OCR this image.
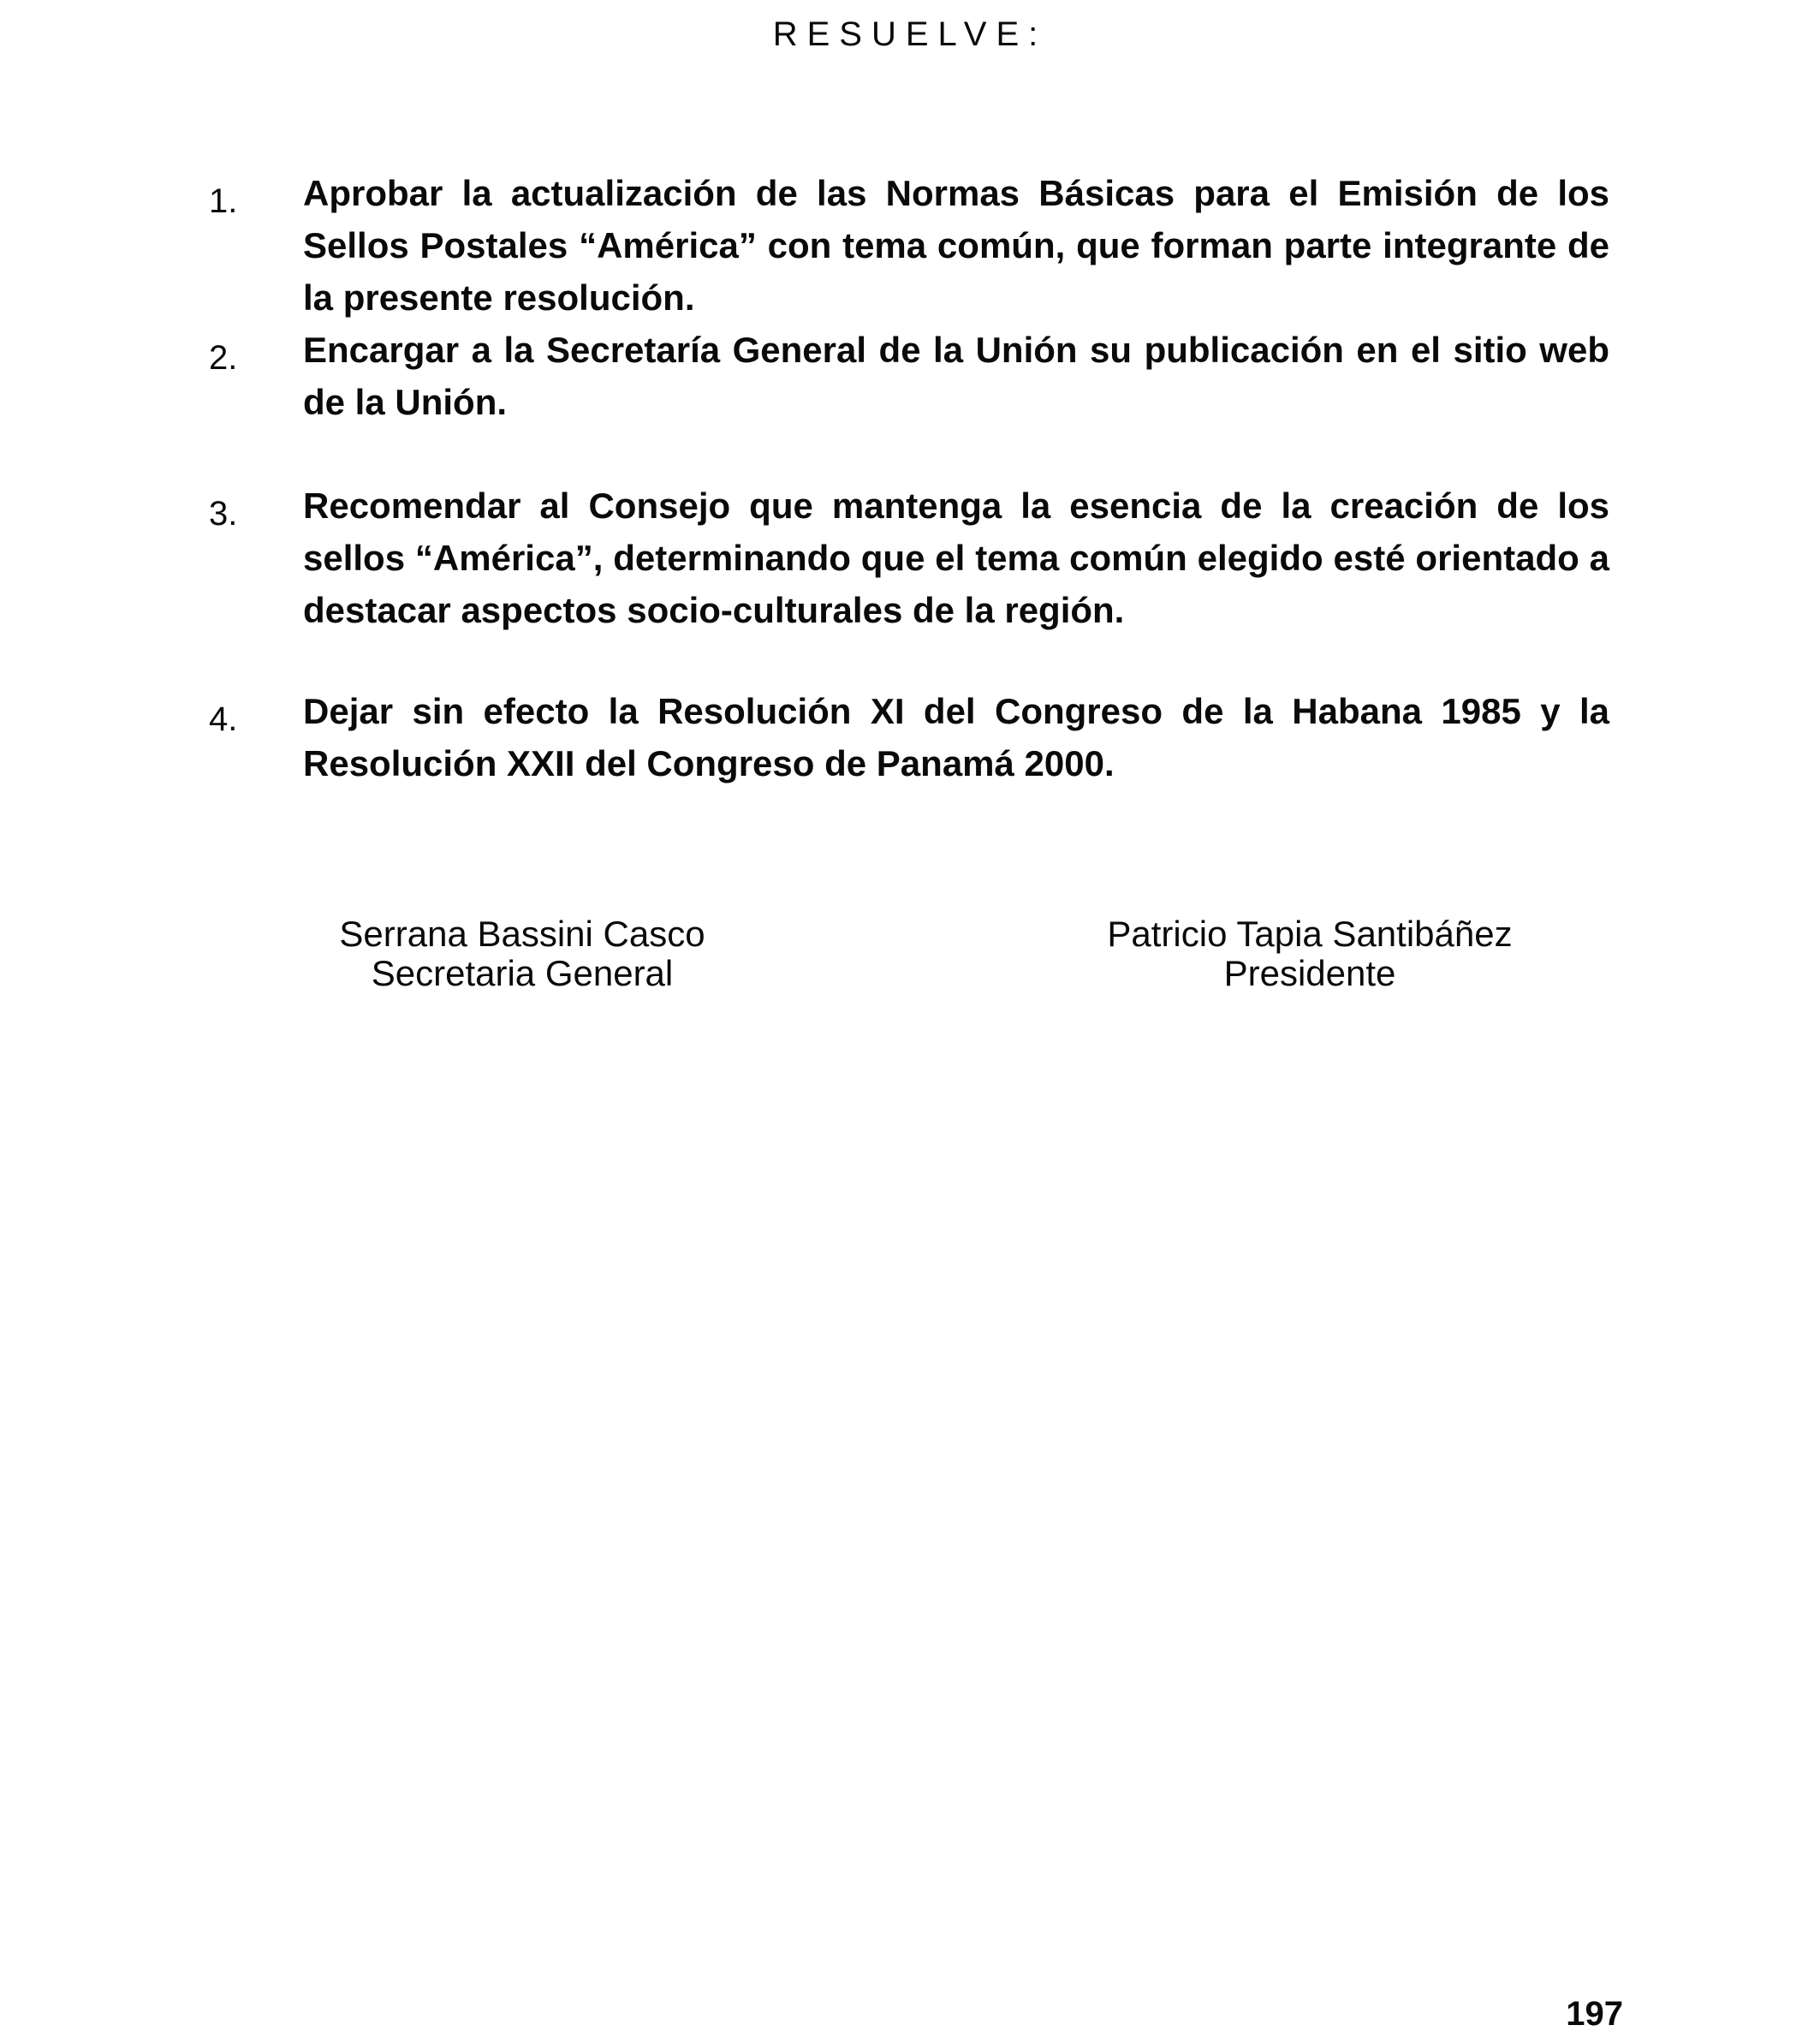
RESUELVE:
1.	Aprobar la actualización de las Normas Básicas para el Emisión de los Sellos Postales “América” con tema común, que forman parte integrante de la presente resolución.
2.	Encargar a la Secretaría General de la Unión su publicación en el sitio web de la Unión.
3.	Recomendar al Consejo que mantenga la esencia de la creación de los sellos “América”, determinando que el tema común elegido esté orientado a destacar aspectos socio-culturales de la región.
4.	Dejar sin efecto la Resolución XI del Congreso de la Habana 1985 y la Resolución XXII del Congreso de Panamá 2000.
Serrana Bassini Casco
Secretaria General
Patricio Tapia Santibáñez
Presidente
197
